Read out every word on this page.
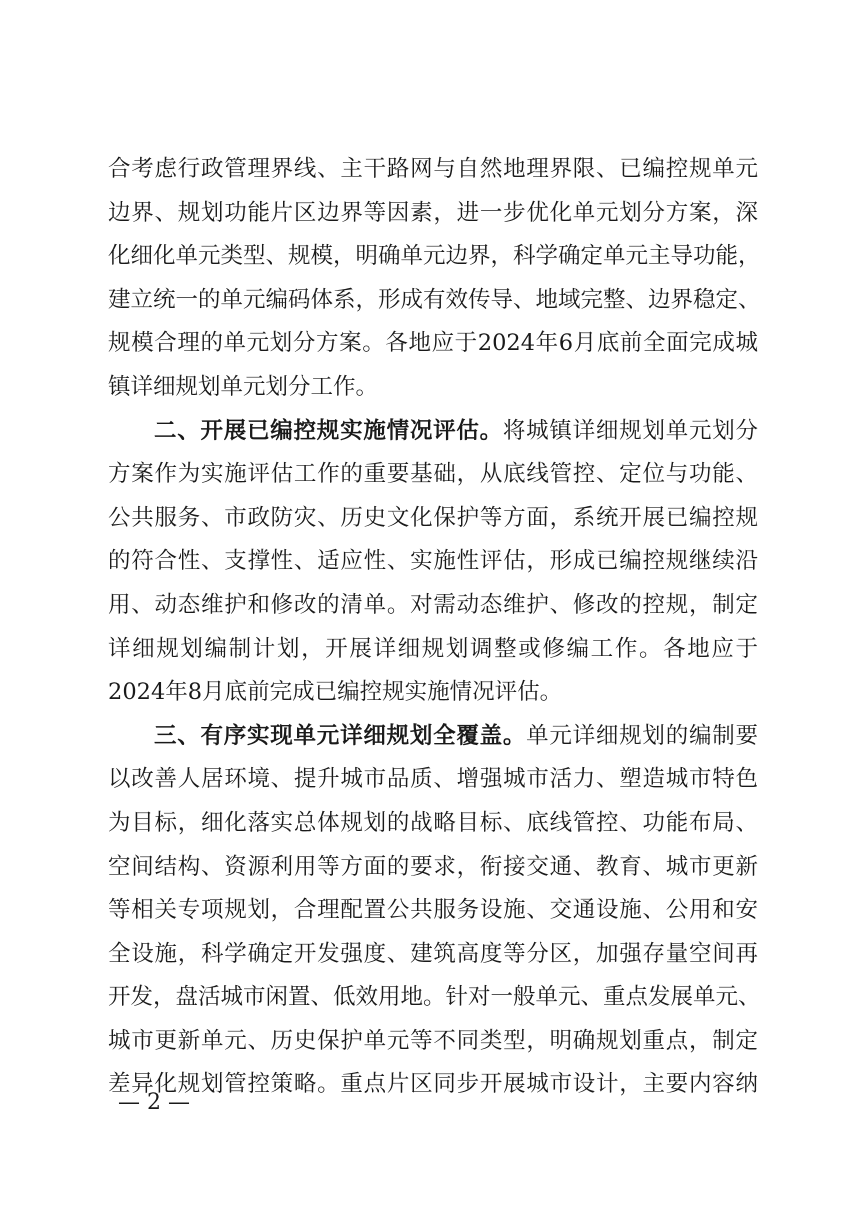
合考虑行政管理界线、主干路网与自然地理界限、已编控规单元
边界、规划功能片区边界等因素，进一步优化单元划分方案，深
化细化单元类型、规模，明确单元边界，科学确定单元主导功能，
建立统一的单元编码体系，形成有效传导、地域完整、边界稳定、
规模合理的单元划分方案。各地应于2024年6月底前全面完成城
镇详细规划单元划分工作。
二、开展已编控规实施情况评估。将城镇详细规划单元划分
方案作为实施评估工作的重要基础，从底线管控、定位与功能、
公共服务、市政防灾、历史文化保护等方面，系统开展已编控规
的符合性、支撑性、适应性、实施性评估，形成已编控规继续沿
用、动态维护和修改的清单。对需动态维护、修改的控规，制定
详细规划编制计划，开展详细规划调整或修编工作。各地应于
2024年8月底前完成已编控规实施情况评估。
三、有序实现单元详细规划全覆盖。单元详细规划的编制要
以改善人居环境、提升城市品质、增强城市活力、塑造城市特色
为目标，细化落实总体规划的战略目标、底线管控、功能布局、
空间结构、资源利用等方面的要求，衔接交通、教育、城市更新
等相关专项规划，合理配置公共服务设施、交通设施、公用和安
全设施，科学确定开发强度、建筑高度等分区，加强存量空间再
开发，盘活城市闲置、低效用地。针对一般单元、重点发展单元、
城市更新单元、历史保护单元等不同类型，明确规划重点，制定
差异化规划管控策略。重点片区同步开展城市设计，主要内容纳
— 2 —
